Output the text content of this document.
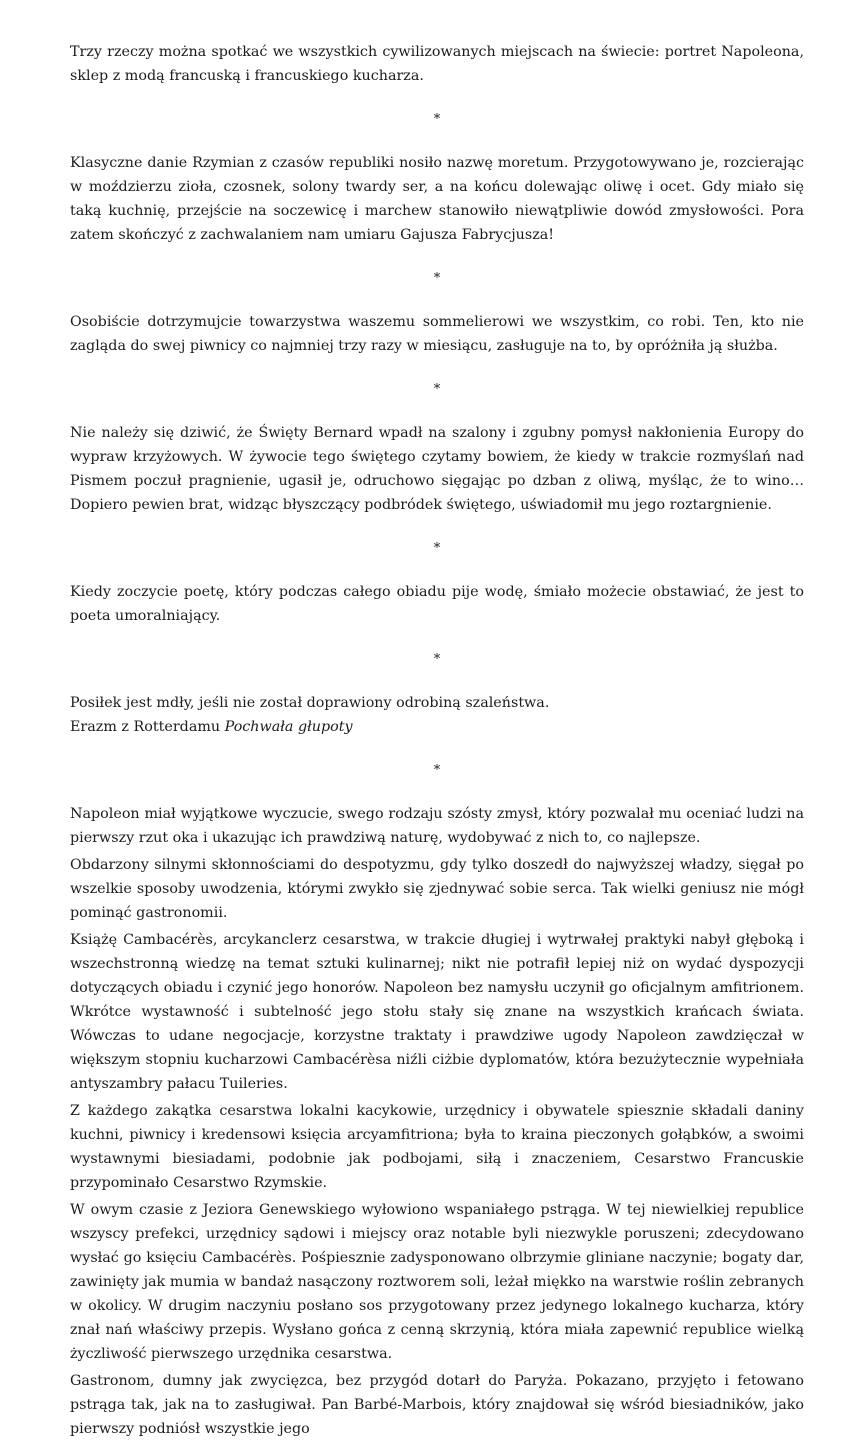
Trzy rzeczy można spotkać we wszystkich cywilizowanych miejscach na świecie: portret Napoleona, sklep z modą francuską i francuskiego kucharza.

*

Klasyczne danie Rzymian z czasów republiki nosiło nazwę moretum. Przygotowywano je, rozcierając w moździerzu zioła, czosnek, solony twardy ser, a na końcu dolewając oliwę i ocet. Gdy miało się taką kuchnię, przejście na soczewicę i marchew stanowiło niewątpliwie dowód zmysłowości. Pora zatem skończyć z zachwalaniem nam umiaru Gajusza Fabrycjusza!

*

Osobiście dotrzymujcie towarzystwa waszemu sommelierowi we wszystkim, co robi. Ten, kto nie zagląda do swej piwnicy co najmniej trzy razy w miesiącu, zasługuje na to, by opróżniła ją służba.

*

Nie należy się dziwić, że Święty Bernard wpadł na szalony i zgubny pomysł nakłonienia Europy do wypraw krzyżowych. W żywocie tego świętego czytamy bowiem, że kiedy w trakcie rozmyślań nad Pismem poczuł pragnienie, ugasił je, odruchowo sięgając po dzban z oliwą, myśląc, że to wino… Dopiero pewien brat, widząc błyszczący podbródek świętego, uświadomił mu jego roztargnienie.

*

Kiedy zoczycie poetę, który podczas całego obiadu pije wodę, śmiało możecie obstawiać, że jest to poeta umoralniający.

*
Posiłek jest mdły, jeśli nie został doprawiony odrobiną szaleństwa.
Erazm z Rotterdamu Pochwała głupoty
*

Napoleon miał wyjątkowe wyczucie, swego rodzaju szósty zmysł, który pozwalał mu oceniać ludzi na pierwszy rzut oka i ukazując ich prawdziwą naturę, wydobywać z nich to, co najlepsze.

Obdarzony silnymi skłonnościami do despotyzmu, gdy tylko doszedł do najwyższej władzy, sięgał po wszelkie sposoby uwodzenia, którymi zwykło się zjednywać sobie serca. Tak wielki geniusz nie mógł pominąć gastronomii.

Książę Cambacérès, arcykanclerz cesarstwa, w trakcie długiej i wytrwałej praktyki nabył głęboką i wszechstronną wiedzę na temat sztuki kulinarnej; nikt nie potrafił lepiej niż on wydać dyspozycji dotyczących obiadu i czynić jego honorów. Napoleon bez namysłu uczynił go oficjalnym amfitrionem. Wkrótce wystawność i subtelność jego stołu stały się znane na wszystkich krańcach świata. Wówczas to udane negocjacje, korzystne traktaty i prawdziwe ugody Napoleon zawdzięczał w większym stopniu kucharzowi Cambacérèsa niźli ciżbie dyplomatów, która bezużytecznie wypełniała antyszambry pałacu Tuileries.

Z każdego zakątka cesarstwa lokalni kacykowie, urzędnicy i obywatele spiesznie składali daniny kuchni, piwnicy i kredensowi księcia arcyamfitriona; była to kraina pieczonych gołąbków, a swoimi wystawnymi biesiadami, podobnie jak podbojami, siłą i znaczeniem, Cesarstwo Francuskie przypominało Cesarstwo Rzymskie.

W owym czasie z Jeziora Genewskiego wyłowiono wspaniałego pstrąga. W tej niewielkiej republice wszyscy prefekci, urzędnicy sądowi i miejscy oraz notable byli niezwykle poruszeni; zdecydowano wysłać go księciu Cambacérès. Pośpiesznie zadysponowano olbrzymie gliniane naczynie; bogaty dar, zawinięty jak mumia w bandaż nasączony roztworem soli, leżał miękko na warstwie roślin zebranych w okolicy. W drugim naczyniu posłano sos przygotowany przez jedynego lokalnego kucharza, który znał nań właściwy przepis. Wysłano gońca z cenną skrzynią, która miała zapewnić republice wielką życzliwość pierwszego urzędnika cesarstwa.

Gastronom, dumny jak zwycięzca, bez przygód dotarł do Paryża. Pokazano, przyjęto i fetowano pstrąga tak, jak na to zasługiwał. Pan Barbé-Marbois, który znajdował się wśród biesiadników, jako pierwszy podniósł wszystkie jego
